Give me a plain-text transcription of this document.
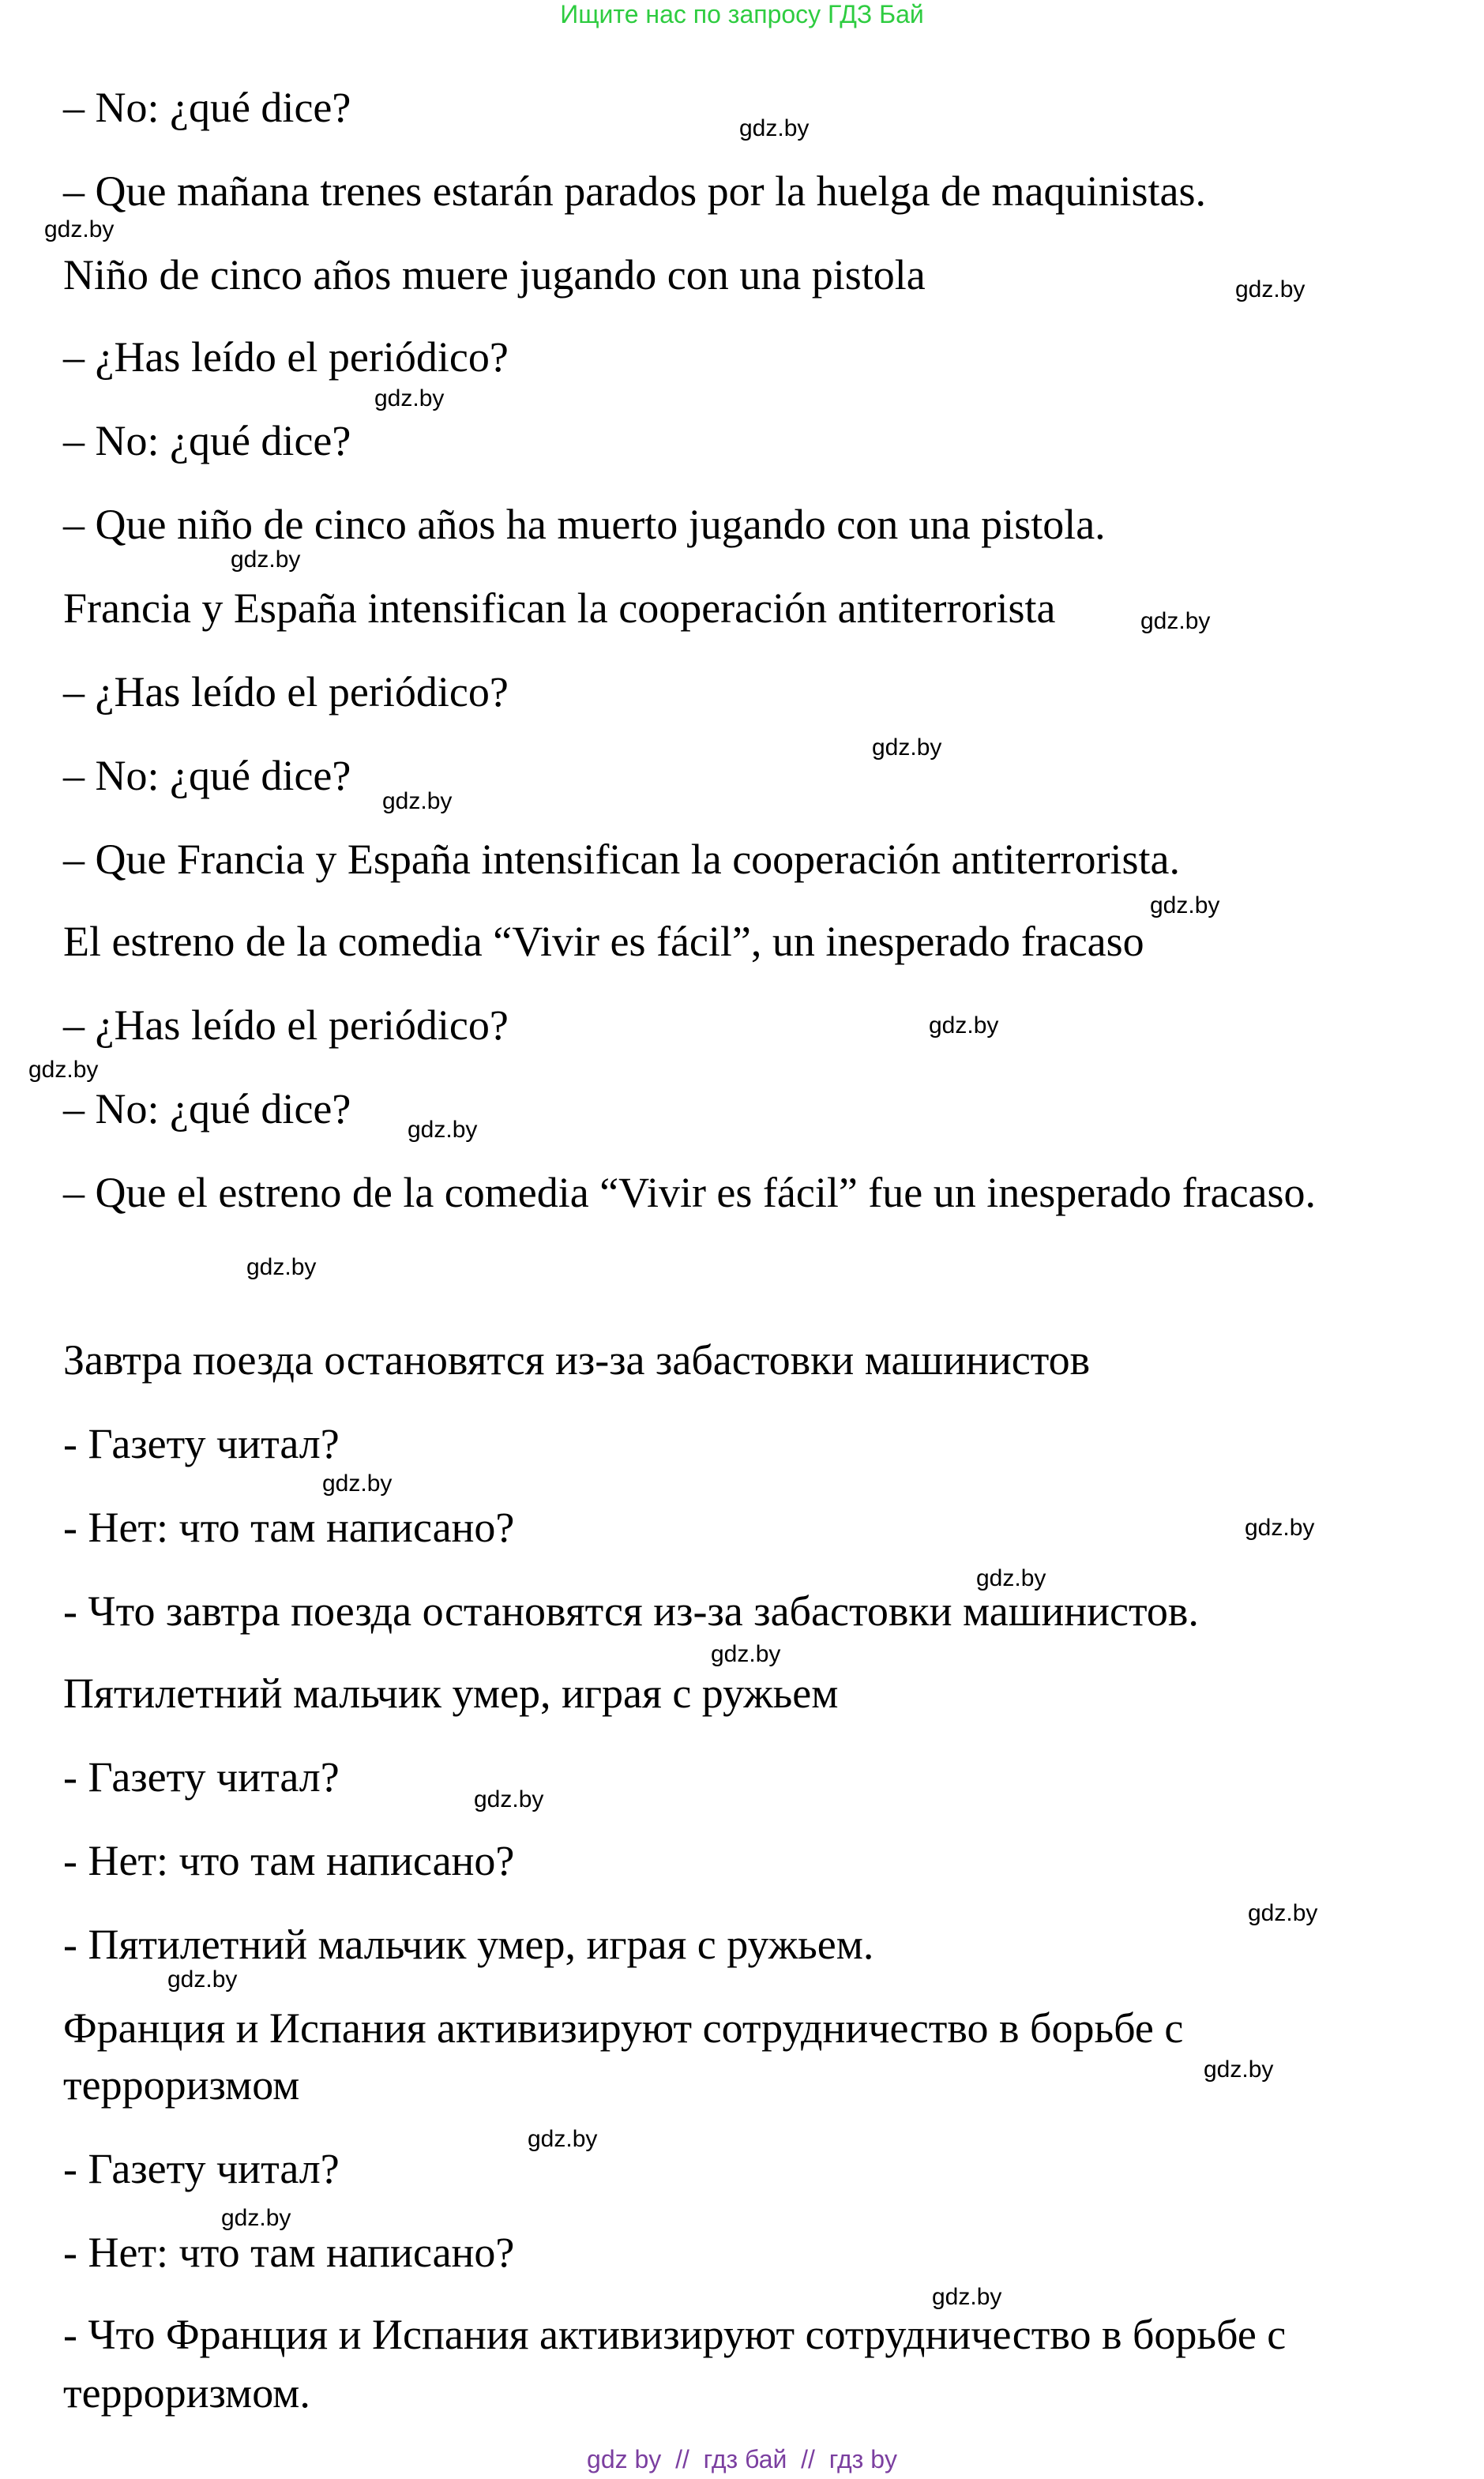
Ищите нас по запросу ГДЗ Бай
– No: ¿qué dice?
– Que mañana trenes estarán parados por la huelga de maquinistas.
Niño de cinco años muere jugando con una pistola
– ¿Has leído el periódico?
– No: ¿qué dice?
– Que niño de cinco años ha muerto jugando con una pistola.
Francia y España intensifican la cooperación antiterrorista
– ¿Has leído el periódico?
– No: ¿qué dice?
– Que Francia y España intensifican la cooperación antiterrorista.
El estreno de la comedia “Vivir es fácil”, un inesperado fracaso
– ¿Has leído el periódico?
– No: ¿qué dice?
– Que el estreno de la comedia “Vivir es fácil” fue un inesperado fracaso.
Завтра поезда остановятся из-за забастовки машинистов
- Газету читал?
- Нет: что там написано?
- Что завтра поезда остановятся из-за забастовки машинистов.
Пятилетний мальчик умер, играя с ружьем
- Газету читал?
- Нет: что там написано?
- Пятилетний мальчик умер, играя с ружьем.
Франция и Испания активизируют сотрудничество в борьбе с
терроризмом
- Газету читал?
- Нет: что там написано?
- Что Франция и Испания активизируют сотрудничество в борьбе с
терроризмом.
gdz.by
gdz.by
gdz.by
gdz.by
gdz.by
gdz.by
gdz.by
gdz.by
gdz.by
gdz.by
gdz.by
gdz.by
gdz.by
gdz.by
gdz.by
gdz.by
gdz.by
gdz.by
gdz.by
gdz.by
gdz.by
gdz.by
gdz.by
gdz.by
gdz by  //  гдз бай  //  гдз by
